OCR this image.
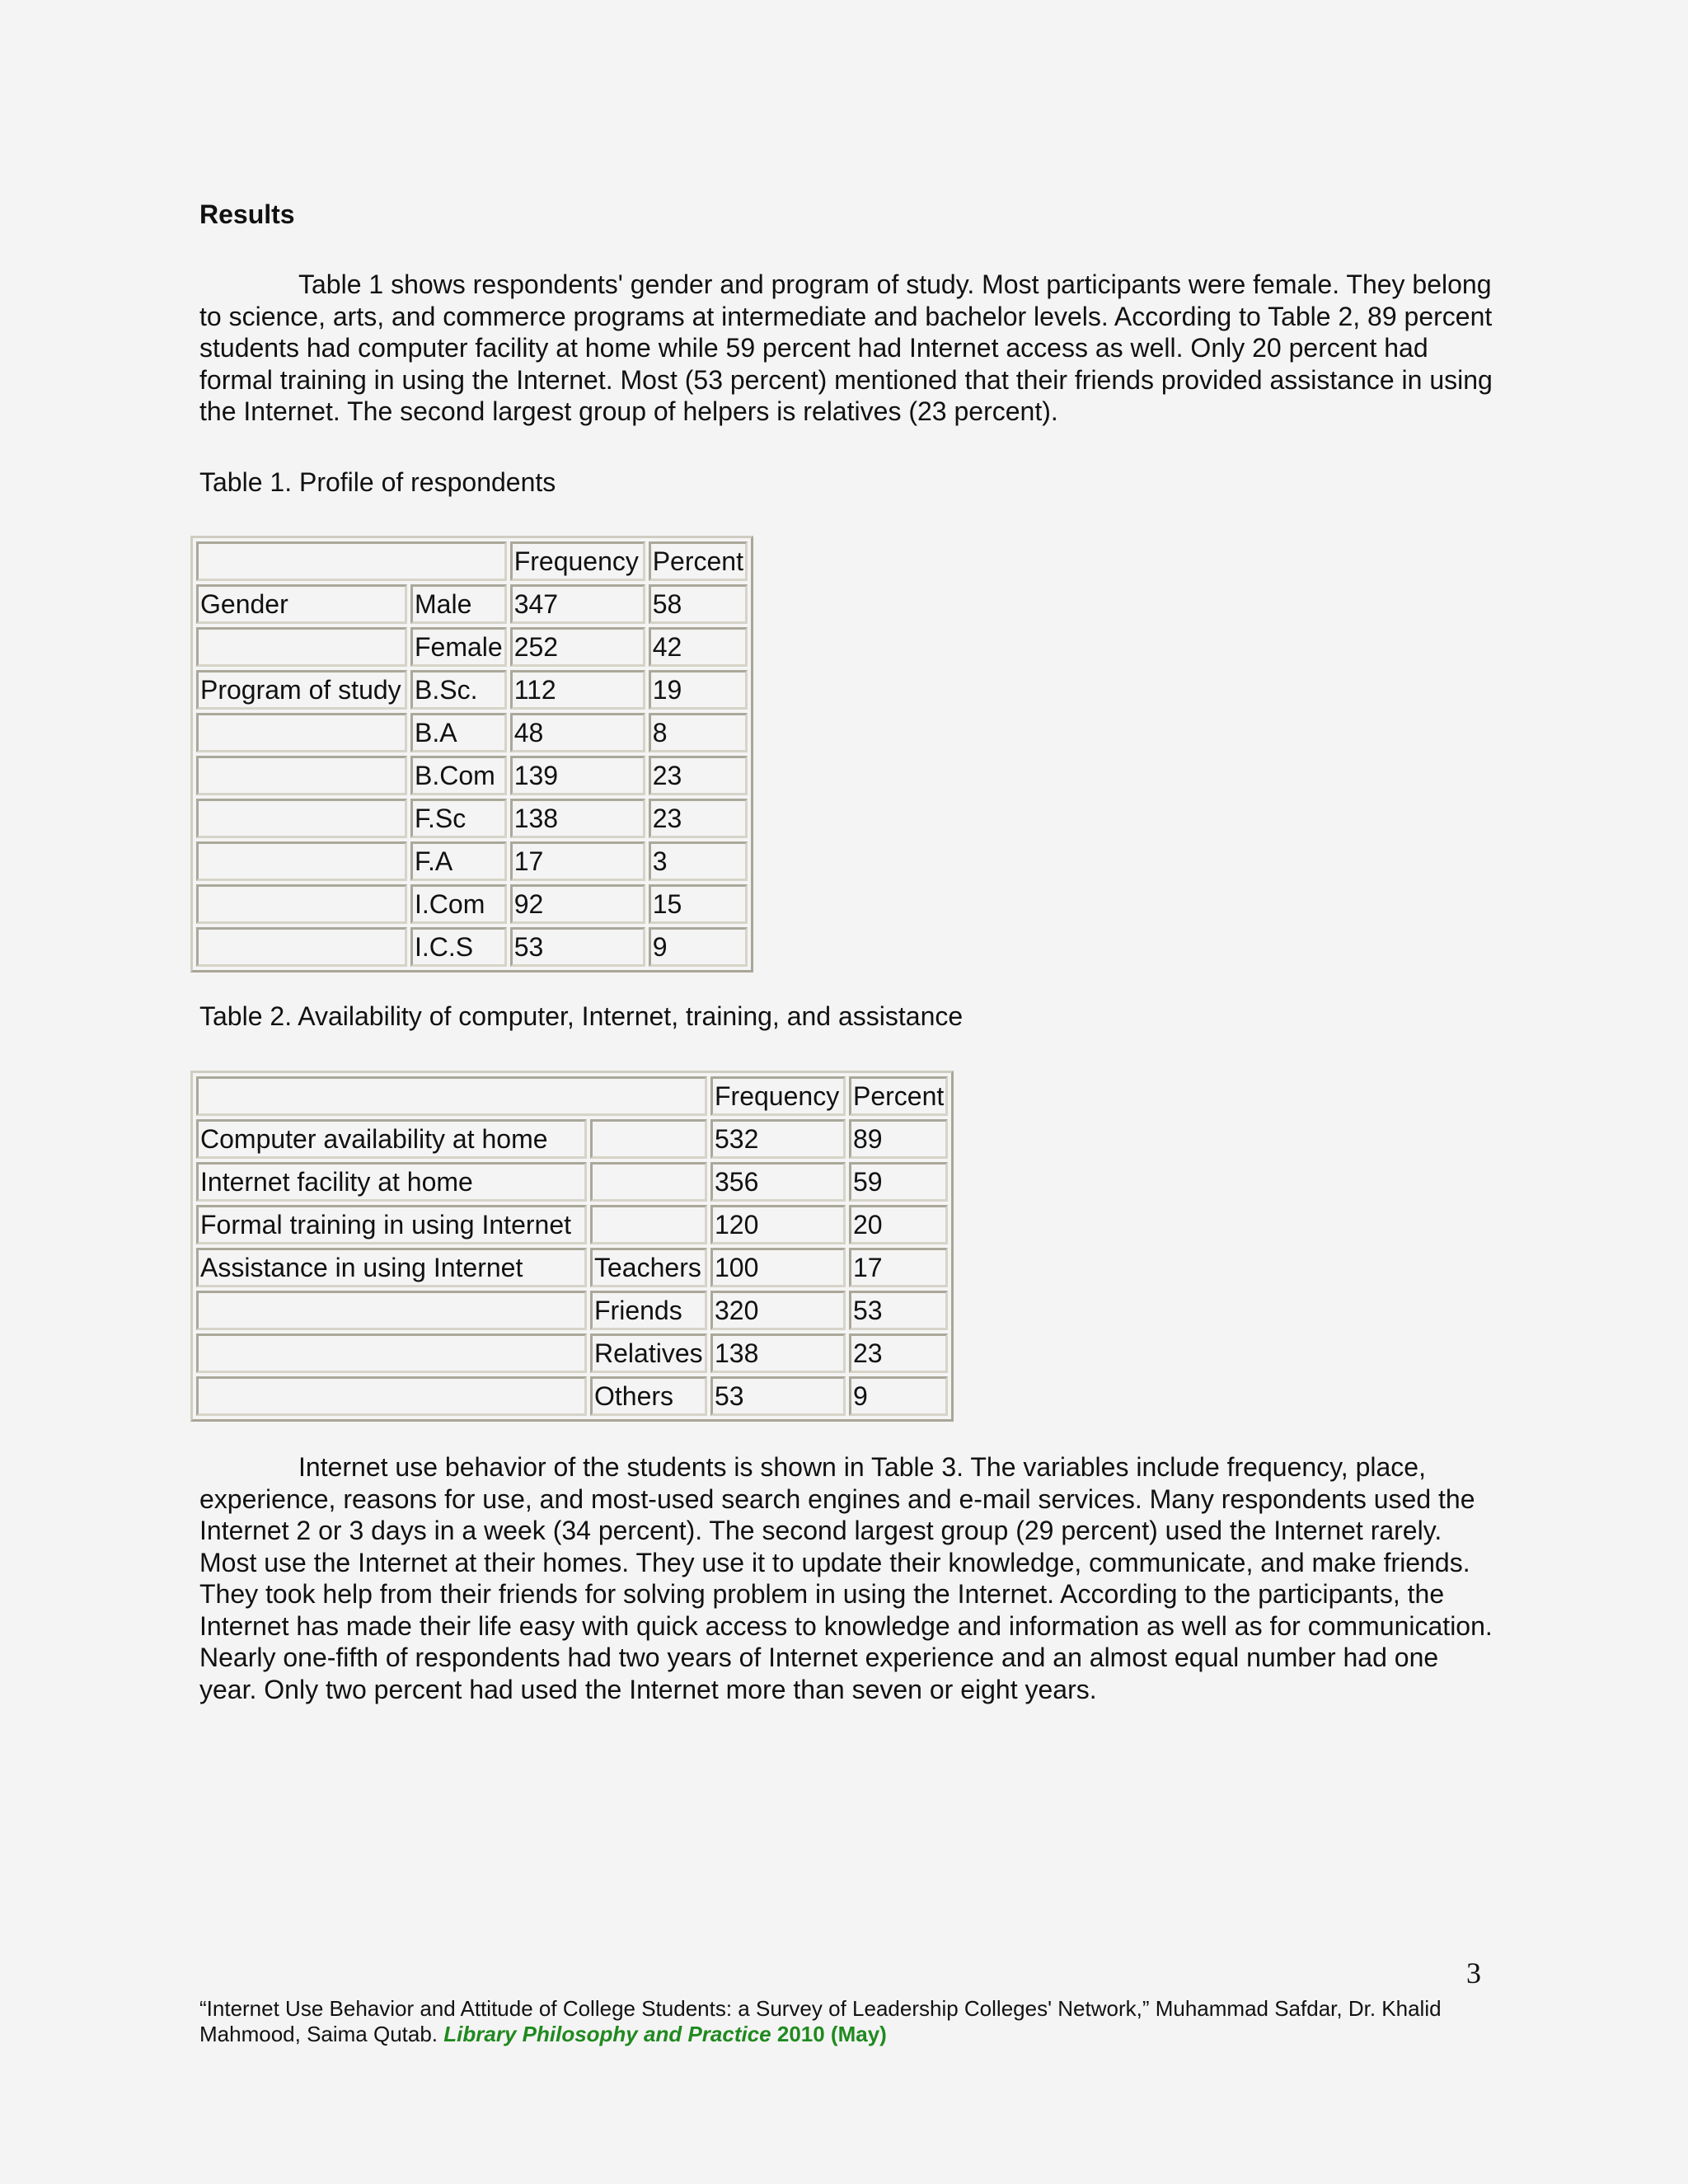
Results

Table 1 shows respondents' gender and program of study. Most participants were female. They belong to science, arts, and commerce programs at intermediate and bachelor levels. According to Table 2, 89 percent students had computer facility at home while 59 percent had Internet access as well. Only 20 percent had formal training in using the Internet. Most (53 percent) mentioned that their friends provided assistance in using the Internet. The second largest group of helpers is relatives (23 percent).

Table 1. Profile of respondents

		Frequency	Percent
Gender	Male	347	58
	Female	252	42
Program of study	B.Sc.	112	19
	B.A	48	8
	B.Com	139	23
	F.Sc	138	23
	F.A	17	3
	I.Com	92	15
	I.C.S	53	9

Table 2. Availability of computer, Internet, training, and assistance

		Frequency	Percent
Computer availability at home		532	89
Internet facility at home		356	59
Formal training in using Internet		120	20
Assistance in using Internet	Teachers	100	17
	Friends	320	53
	Relatives	138	23
	Others	53	9

Internet use behavior of the students is shown in Table 3. The variables include frequency, place, experience, reasons for use, and most-used search engines and e-mail services. Many respondents used the Internet 2 or 3 days in a week (34 percent). The second largest group (29 percent) used the Internet rarely. Most use the Internet at their homes. They use it to update their knowledge, communicate, and make friends. They took help from their friends for solving problem in using the Internet. According to the participants, the Internet has made their life easy with quick access to knowledge and information as well as for communication. Nearly one-fifth of respondents had two years of Internet experience and an almost equal number had one year. Only two percent had used the Internet more than seven or eight years.

3

“Internet Use Behavior and Attitude of College Students: a Survey of Leadership Colleges' Network,” Muhammad Safdar, Dr. Khalid Mahmood, Saima Qutab. Library Philosophy and Practice 2010 (May)
